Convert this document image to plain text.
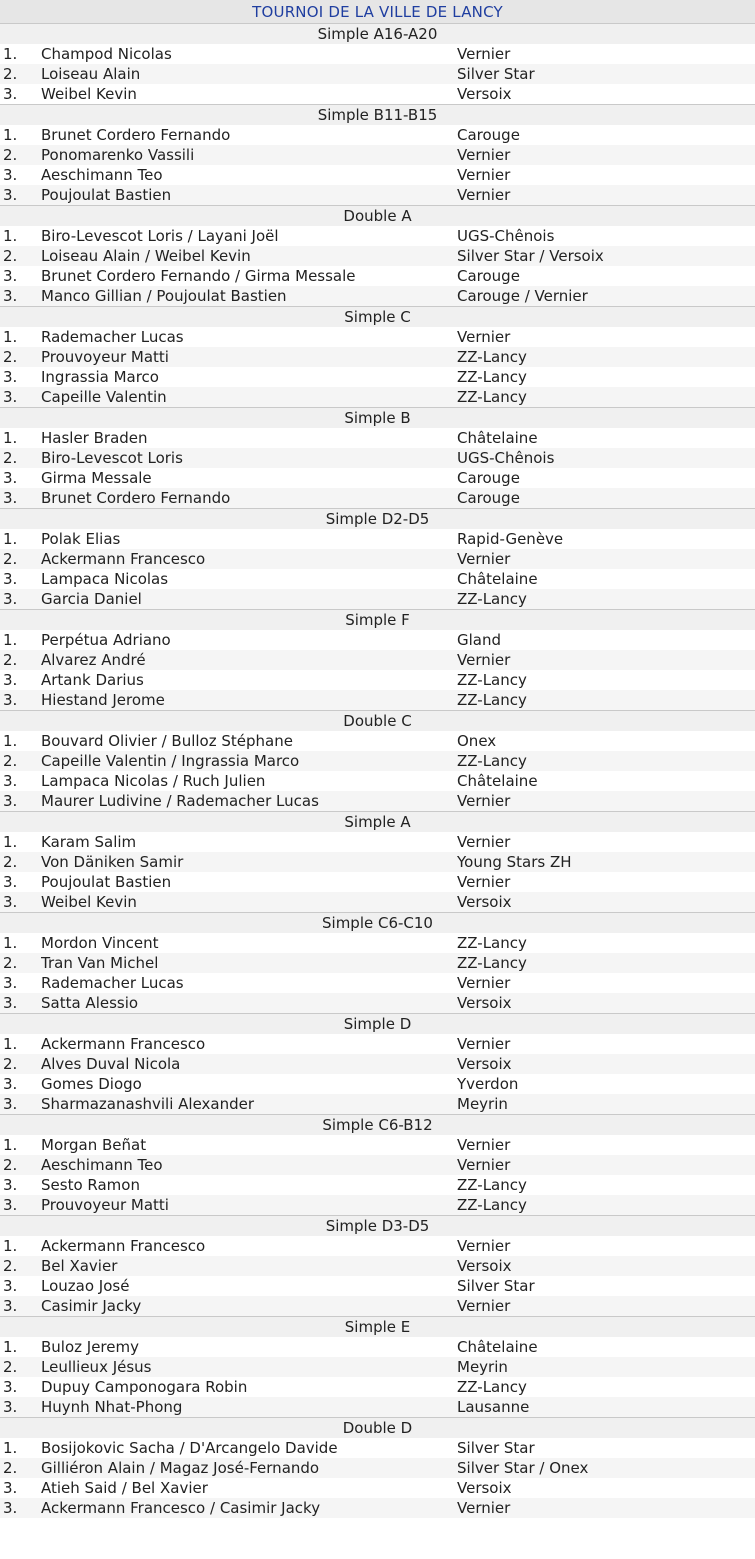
TOURNOI DE LA VILLE DE LANCY
Simple A16-A20
1.	Champod Nicolas	Vernier
2.	Loiseau Alain	Silver Star
3.	Weibel Kevin	Versoix
Simple B11-B15
1.	Brunet Cordero Fernando	Carouge
2.	Ponomarenko Vassili	Vernier
3.	Aeschimann Teo	Vernier
3.	Poujoulat Bastien	Vernier
Double A
1.	Biro-Levescot Loris / Layani Joël	UGS-Chênois
2.	Loiseau Alain / Weibel Kevin	Silver Star / Versoix
3.	Brunet Cordero Fernando / Girma Messale	Carouge
3.	Manco Gillian / Poujoulat Bastien	Carouge / Vernier
Simple C
1.	Rademacher Lucas	Vernier
2.	Prouvoyeur Matti	ZZ-Lancy
3.	Ingrassia Marco	ZZ-Lancy
3.	Capeille Valentin	ZZ-Lancy
Simple B
1.	Hasler Braden	Châtelaine
2.	Biro-Levescot Loris	UGS-Chênois
3.	Girma Messale	Carouge
3.	Brunet Cordero Fernando	Carouge
Simple D2-D5
1.	Polak Elias	Rapid-Genève
2.	Ackermann Francesco	Vernier
3.	Lampaca Nicolas	Châtelaine
3.	Garcia Daniel	ZZ-Lancy
Simple F
1.	Perpétua Adriano	Gland
2.	Alvarez André	Vernier
3.	Artank Darius	ZZ-Lancy
3.	Hiestand Jerome	ZZ-Lancy
Double C
1.	Bouvard Olivier / Bulloz Stéphane	Onex
2.	Capeille Valentin / Ingrassia Marco	ZZ-Lancy
3.	Lampaca Nicolas / Ruch Julien	Châtelaine
3.	Maurer Ludivine / Rademacher Lucas	Vernier
Simple A
1.	Karam Salim	Vernier
2.	Von Däniken Samir	Young Stars ZH
3.	Poujoulat Bastien	Vernier
3.	Weibel Kevin	Versoix
Simple C6-C10
1.	Mordon Vincent	ZZ-Lancy
2.	Tran Van Michel	ZZ-Lancy
3.	Rademacher Lucas	Vernier
3.	Satta Alessio	Versoix
Simple D
1.	Ackermann Francesco	Vernier
2.	Alves Duval Nicola	Versoix
3.	Gomes Diogo	Yverdon
3.	Sharmazanashvili Alexander	Meyrin
Simple C6-B12
1.	Morgan Beñat	Vernier
2.	Aeschimann Teo	Vernier
3.	Sesto Ramon	ZZ-Lancy
3.	Prouvoyeur Matti	ZZ-Lancy
Simple D3-D5
1.	Ackermann Francesco	Vernier
2.	Bel Xavier	Versoix
3.	Louzao José	Silver Star
3.	Casimir Jacky	Vernier
Simple E
1.	Buloz Jeremy	Châtelaine
2.	Leullieux Jésus	Meyrin
3.	Dupuy Camponogara Robin	ZZ-Lancy
3.	Huynh Nhat-Phong	Lausanne
Double D
1.	Bosijokovic Sacha / D'Arcangelo Davide	Silver Star
2.	Gilliéron Alain / Magaz José-Fernando	Silver Star / Onex
3.	Atieh Said / Bel Xavier	Versoix
3.	Ackermann Francesco / Casimir Jacky	Vernier
